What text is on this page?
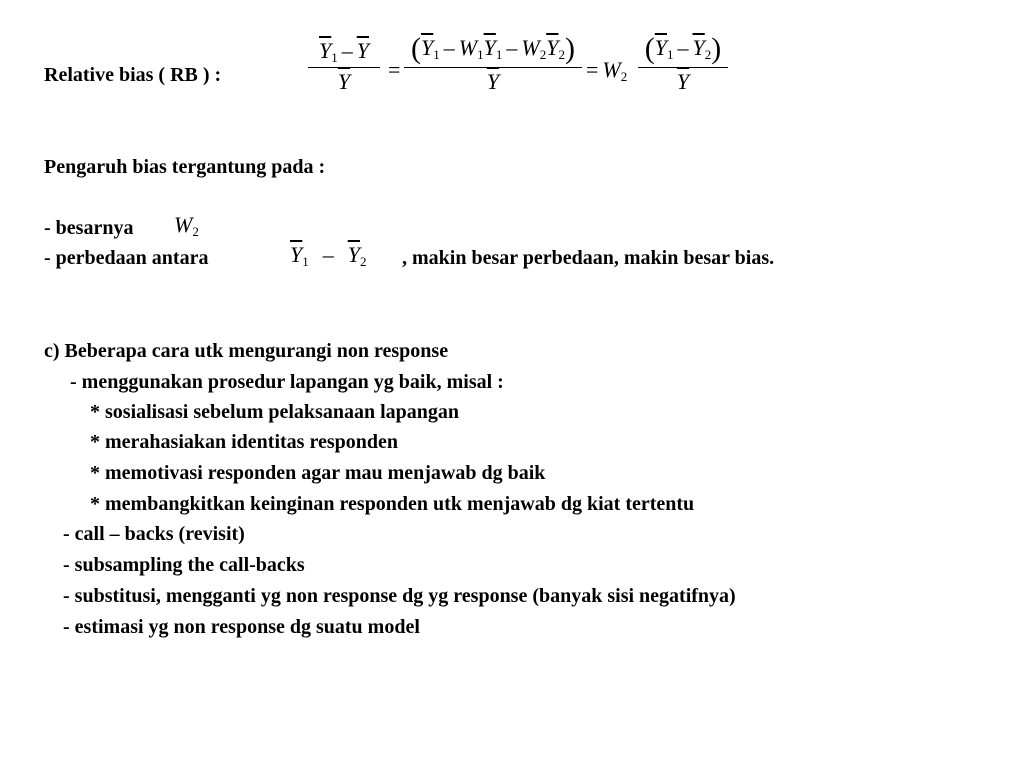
Relative bias ( RB ) :

$\overline{Y}_1 - \overline{Y}$
$\overline{Y}$	=
$(\overline{Y}_1 - W_1\overline{Y}_1 - W_2\overline{Y}_2)$
$\overline{Y}$	= $W_2$
$(\overline{Y}_1 - \overline{Y}_2)$
$\overline{Y}$

Pengaruh bias tergantung pada :

- besarnya $W_2$

- perbedaan antara	$\overline{Y}_1 - \overline{Y}_2$ , makin besar perbedaan, makin besar bias.

c) Beberapa cara utk mengurangi non response

- menggunakan prosedur lapangan yg baik, misal :

* sosialisasi sebelum pelaksanaan lapangan

* merahasiakan identitas responden

* memotivasi responden agar mau menjawab dg baik

* membangkitkan keinginan responden utk menjawab dg kiat tertentu

- call – backs (revisit)

- subsampling the call-backs

- substitusi, mengganti yg non response dg yg response (banyak sisi negatifnya)

- estimasi yg non response dg suatu model
